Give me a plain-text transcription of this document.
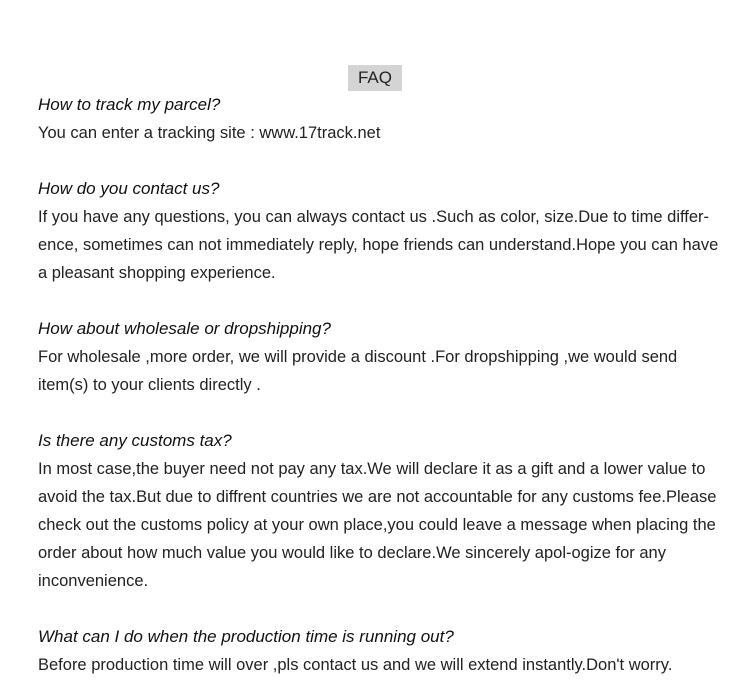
FAQ

How to track my parcel?

You can enter a tracking site : www.17track.net

How do you contact us?

If you have any questions, you can always contact us .Such as color, size.Due to time differ-ence, sometimes can not immediately reply, hope friends can understand.Hope you can have a pleasant shopping experience.

How about wholesale or dropshipping?

For wholesale ,more order, we will provide a discount .For dropshipping ,we would send item(s) to your clients directly .

Is there any customs tax?

In most case,the buyer need not pay any tax.We will declare it as a gift and a lower value to avoid the tax.But due to diffrent countries we are not accountable for any customs fee.Please check out the customs policy at your own place,you could leave a message when placing the order about how much value you would like to declare.We sincerely apol-ogize for any inconvenience.

What can I do when the production time is running out?

Before production time will over ,pls contact us and we will extend instantly.Don't worry.
